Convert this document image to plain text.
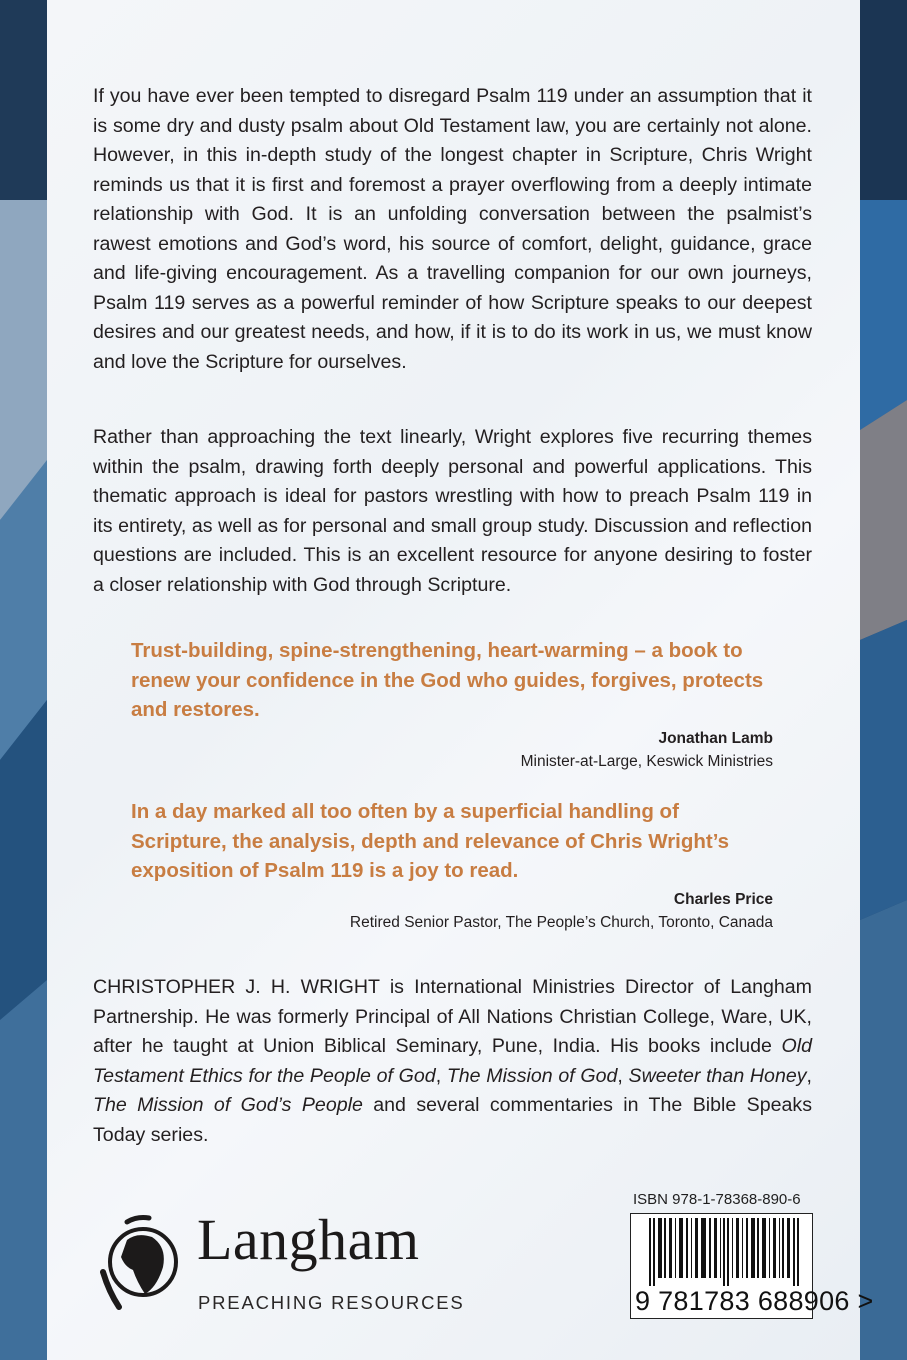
If you have ever been tempted to disregard Psalm 119 under an assumption that it is some dry and dusty psalm about Old Testament law, you are certainly not alone. However, in this in-depth study of the longest chapter in Scripture, Chris Wright reminds us that it is first and foremost a prayer overflowing from a deeply intimate relationship with God. It is an unfolding conversation between the psalmist’s rawest emotions and God’s word, his source of comfort, delight, guidance, grace and life-giving encouragement. As a travelling companion for our own journeys, Psalm 119 serves as a powerful reminder of how Scripture speaks to our deepest desires and our greatest needs, and how, if it is to do its work in us, we must know and love the Scripture for ourselves.

Rather than approaching the text linearly, Wright explores five recurring themes within the psalm, drawing forth deeply personal and powerful applications. This thematic approach is ideal for pastors wrestling with how to preach Psalm 119 in its entirety, as well as for personal and small group study. Discussion and reflection questions are included. This is an excellent resource for anyone desiring to foster a closer relationship with God through Scripture.

Trust-building, spine-strengthening, heart-warming – a book to renew your confidence in the God who guides, forgives, protects and restores.

Jonathan Lamb
Minister-at-Large, Keswick Ministries

In a day marked all too often by a superficial handling of Scripture, the analysis, depth and relevance of Chris Wright’s exposition of Psalm 119 is a joy to read.

Charles Price
Retired Senior Pastor, The People’s Church, Toronto, Canada

CHRISTOPHER J. H. WRIGHT is International Ministries Director of Langham Partnership. He was formerly Principal of All Nations Christian College, Ware, UK, after he taught at Union Biblical Seminary, Pune, India. His books include Old Testament Ethics for the People of God, The Mission of God, Sweeter than Honey, The Mission of God’s People and several commentaries in The Bible Speaks Today series.

Langham
PREACHING RESOURCES
ISBN 978-1-78368-890-6
9 781783 688906 >
